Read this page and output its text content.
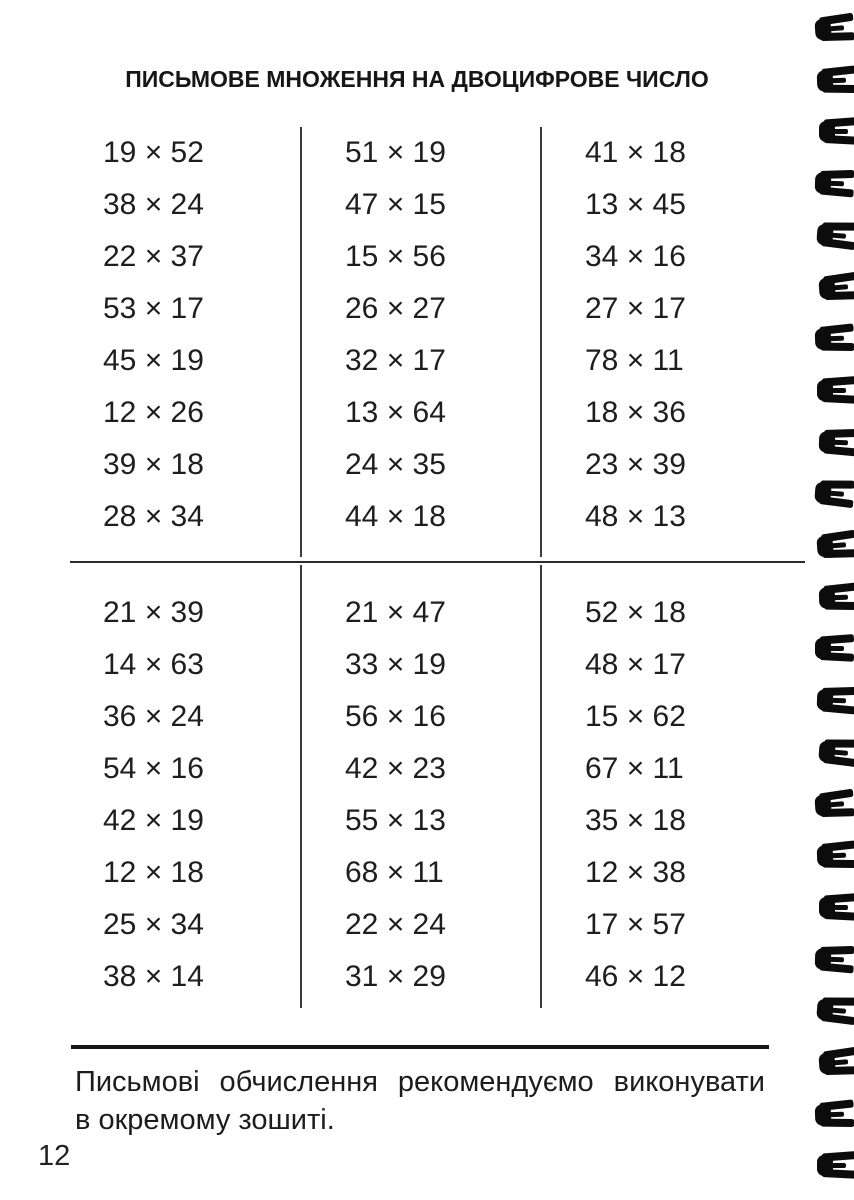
ПИСЬМОВЕ МНОЖЕННЯ НА ДВОЦИФРОВЕ ЧИСЛО
19 × 52
38 × 24
22 × 37
53 × 17
45 × 19
12 × 26
39 × 18
28 × 34
51 × 19
47 × 15
15 × 56
26 × 27
32 × 17
13 × 64
24 × 35
44 × 18
41 × 18
13 × 45
34 × 16
27 × 17
78 × 11
18 × 36
23 × 39
48 × 13
21 × 39
14 × 63
36 × 24
54 × 16
42 × 19
12 × 18
25 × 34
38 × 14
21 × 47
33 × 19
56 × 16
42 × 23
55 × 13
68 × 11
22 × 24
31 × 29
52 × 18
48 × 17
15 × 62
67 × 11
35 × 18
12 × 38
17 × 57
46 × 12
Письмові обчислення рекомендуємо виконувати
в окремому зошиті.
12
